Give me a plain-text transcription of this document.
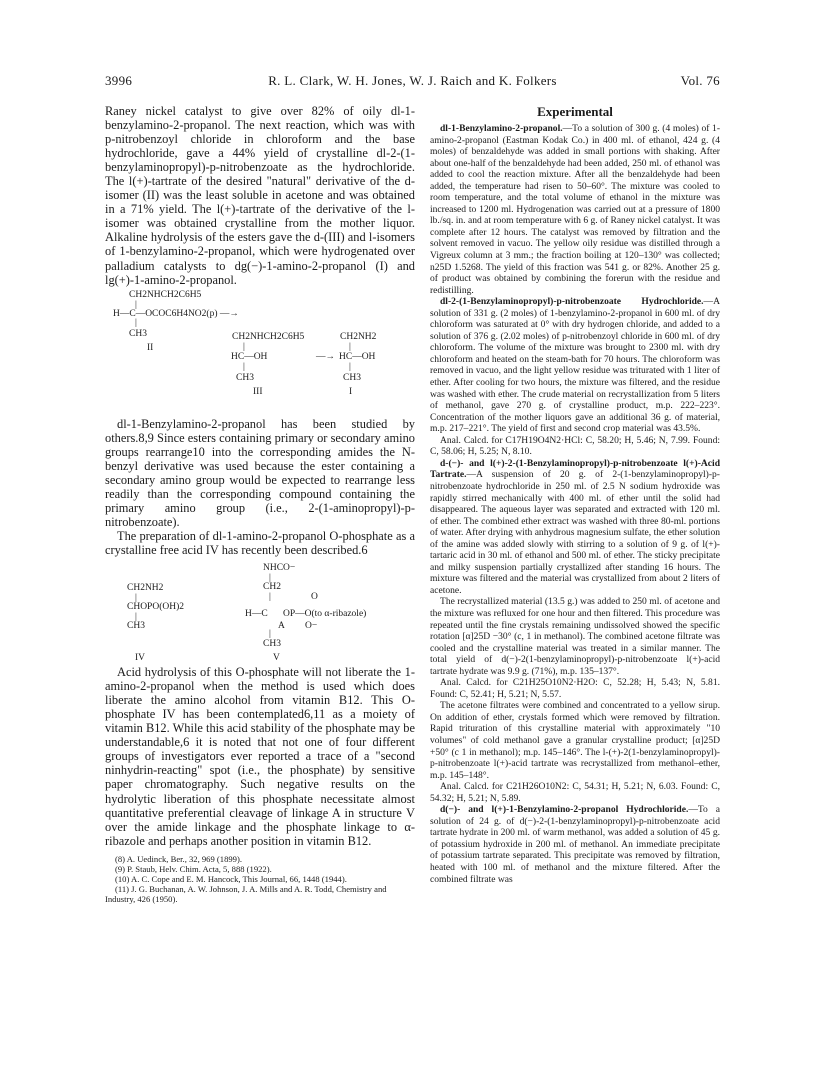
3996	R. L. Clark, W. H. Jones, W. J. Raich and K. Folkers	Vol. 76

Raney nickel catalyst to give over 82% of oily dl-1-benzylamino-2-propanol. The next reaction, which was with p-nitrobenzoyl chloride in chloroform and the base hydrochloride, gave a 44% yield of crystalline dl-2-(1-benzylaminopropyl)-p-nitrobenzoate as the hydrochloride. The l(+)-tartrate of the desired "natural" derivative of the d-isomer (II) was the least soluble in acetone and was obtained in a 71% yield. The l(+)-tartrate of the derivative of the l-isomer was obtained crystalline from the mother liquor. Alkaline hydrolysis of the esters gave the d-(III) and l-isomers of 1-benzylamino-2-propanol, which were hydrogenated over palladium catalysts to dg(−)-1-amino-2-propanol (I) and lg(+)-1-amino-2-propanol.

CH2NHCH2C6H5
|
H—C—OCOC6H4NO2(p) —→
|
CH3
II
CH2NHCH2C6H5
|
HC—OH
|
CH3
III
—→
CH2NH2
|
HC—OH
|
CH3
I

dl-1-Benzylamino-2-propanol has been studied by others.8,9 Since esters containing primary or secondary amino groups rearrange10 into the corresponding amides the N-benzyl derivative was used because the ester containing a secondary amino group would be expected to rearrange less readily than the corresponding compound containing the primary amino group (i.e., 2-(1-aminopropyl)-p-nitrobenzoate).

The preparation of dl-1-amino-2-propanol O-phosphate as a crystalline free acid IV has recently been described.6

NHCO−
|
CH2
CH2NH2
|
CHOPO(OH)2
|
CH3
|	O
H—C OP—O(to α-ribazole)
A O−
|
CH3
IV	V

Acid hydrolysis of this O-phosphate will not liberate the 1-amino-2-propanol when the method is used which does liberate the amino alcohol from vitamin B12. This O-phosphate IV has been contemplated6,11 as a moiety of vitamin B12. While this acid stability of the phosphate may be understandable,6 it is noted that not one of four different groups of investigators ever reported a trace of a "second ninhydrin-reacting" spot (i.e., the phosphate) by sensitive paper chromatography. Such negative results on the hydrolytic liberation of this phosphate necessitate almost quantitative preferential cleavage of linkage A in structure V over the amide linkage and the phosphate linkage to α-ribazole and perhaps another position in vitamin B12.

(8) A. Uedinck, Ber., 32, 969 (1899).

(9) P. Staub, Helv. Chim. Acta, 5, 888 (1922).

(10) A. C. Cope and E. M. Hancock, This Journal, 66, 1448 (1944).

(11) J. G. Buchanan, A. W. Johnson, J. A. Mills and A. R. Todd, Chemistry and Industry, 426 (1950).

Experimental

dl-1-Benzylamino-2-propanol.—To a solution of 300 g. (4 moles) of 1-amino-2-propanol (Eastman Kodak Co.) in 400 ml. of ethanol, 424 g. (4 moles) of benzaldehyde was added in small portions with shaking. After about one-half of the benzaldehyde had been added, 250 ml. of ethanol was added to cool the reaction mixture. After all the benzaldehyde had been added, the temperature had risen to 50–60°. The mixture was cooled to room temperature, and the total volume of ethanol in the mixture was increased to 1200 ml. Hydrogenation was carried out at a pressure of 1800 lb./sq. in. and at room temperature with 6 g. of Raney nickel catalyst. It was complete after 12 hours. The catalyst was removed by filtration and the solvent removed in vacuo. The yellow oily residue was distilled through a Vigreux column at 3 mm.; the fraction boiling at 120–130° was collected; n25D 1.5268. The yield of this fraction was 541 g. or 82%. Another 25 g. of product was obtained by combining the forerun with the residue and redistilling.

dl-2-(1-Benzylaminopropyl)-p-nitrobenzoate Hydrochloride.—A solution of 331 g. (2 moles) of 1-benzylamino-2-propanol in 600 ml. of dry chloroform was saturated at 0° with dry hydrogen chloride, and added to a solution of 376 g. (2.02 moles) of p-nitrobenzoyl chloride in 600 ml. of dry chloroform. The volume of the mixture was brought to 2300 ml. with dry chloroform and heated on the steam-bath for 70 hours. The chloroform was removed in vacuo, and the light yellow residue was triturated with 1 liter of ether. After cooling for two hours, the mixture was filtered, and the residue was washed with ether. The crude material on recrystallization from 5 liters of methanol, gave 270 g. of crystalline product, m.p. 222–223°. Concentration of the mother liquors gave an additional 36 g. of material, m.p. 217–221°. The yield of first and second crop material was 43.5%.

Anal. Calcd. for C17H19O4N2·HCl: C, 58.20; H, 5.46; N, 7.99. Found: C, 58.06; H, 5.25; N, 8.10.

d-(−)- and l(+)-2-(1-Benzylaminopropyl)-p-nitrobenzoate l(+)-Acid Tartrate.—A suspension of 20 g. of 2-(1-benzylaminopropyl)-p-nitrobenzoate hydrochloride in 250 ml. of 2.5 N sodium hydroxide was rapidly stirred mechanically with 400 ml. of ether until the solid had disappeared. The aqueous layer was separated and extracted with 120 ml. of ether. The combined ether extract was washed with three 80-ml. portions of water. After drying with anhydrous magnesium sulfate, the ether solution of the amine was added slowly with stirring to a solution of 9 g. of l(+)-tartaric acid in 30 ml. of ethanol and 500 ml. of ether. The sticky precipitate and milky suspension partially crystallized after standing 16 hours. The mixture was filtered and the material was crystallized from about 2 liters of acetone.

The recrystallized material (13.5 g.) was added to 250 ml. of acetone and the mixture was refluxed for one hour and then filtered. This procedure was repeated until the fine crystals remaining undissolved showed the specific rotation [α]25D −30° (c, 1 in methanol). The combined acetone filtrate was cooled and the crystalline material was treated in a similar manner. The total yield of d(−)-2(1-benzylaminopropyl)-p-nitrobenzoate l(+)-acid tartrate hydrate was 9.9 g. (71%), m.p. 135–137°.

Anal. Calcd. for C21H25O10N2·H2O: C, 52.28; H, 5.43; N, 5.81. Found: C, 52.41; H, 5.21; N, 5.57.

The acetone filtrates were combined and concentrated to a yellow sirup. On addition of ether, crystals formed which were removed by filtration. Rapid trituration of this crystalline material with approximately "10 volumes" of cold methanol gave a granular crystalline product; [α]25D +50° (c 1 in methanol); m.p. 145–146°. The l-(+)-2(1-benzylaminopropyl)-p-nitrobenzoate l(+)-acid tartrate was recrystallized from methanol–ether, m.p. 145–148°.

Anal. Calcd. for C21H26O10N2: C, 54.31; H, 5.21; N, 6.03. Found: C, 54.32; H, 5.21; N, 5.89.

d(−)- and l(+)-1-Benzylamino-2-propanol Hydrochloride.—To a solution of 24 g. of d(−)-2-(1-benzylaminopropyl)-p-nitrobenzoate acid tartrate hydrate in 200 ml. of warm methanol, was added a solution of 45 g. of potassium hydroxide in 200 ml. of methanol. An immediate precipitate of potassium tartrate separated. This precipitate was removed by filtration, heated with 100 ml. of methanol and the mixture filtered. After the combined filtrate was
